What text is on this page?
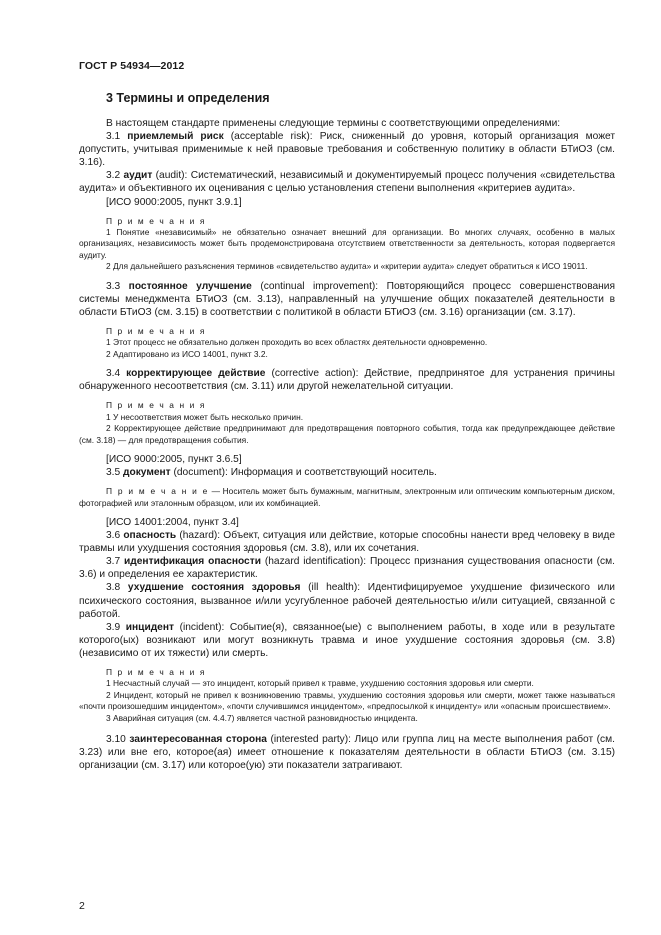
ГОСТ Р 54934—2012
3 Термины и определения

В настоящем стандарте применены следующие термины с соответствующими определениями:

3.1 приемлемый риск (acceptable risk): Риск, сниженный до уровня, который организация может допустить, учитывая применимые к ней правовые требования и собственную политику в области БТиОЗ (см. 3.16).

3.2 аудит (audit): Систематический, независимый и документируемый процесс получения «свидетельства аудита» и объективного их оценивания с целью установления степени выполнения «критериев аудита».

[ИСО 9000:2005, пункт 3.9.1]

П р и м е ч а н и я

1 Понятие «независимый» не обязательно означает внешний для организации. Во многих случаях, особенно в малых организациях, независимость может быть продемонстрирована отсутствием ответственности за деятельность, которая подвергается аудиту.

2 Для дальнейшего разъяснения терминов «свидетельство аудита» и «критерии аудита» следует обратиться к ИСО 19011.

3.3 постоянное улучшение (continual improvement): Повторяющийся процесс совершенствования системы менеджмента БТиОЗ (см. 3.13), направленный на улучшение общих показателей деятельности в области БТиОЗ (см. 3.15) в соответствии с политикой в области БТиОЗ (см. 3.16) организации (см. 3.17).

П р и м е ч а н и я

1 Этот процесс не обязательно должен проходить во всех областях деятельности одновременно.

2 Адаптировано из ИСО 14001, пункт 3.2.

3.4 корректирующее действие (corrective action): Действие, предпринятое для устранения причины обнаруженного несоответствия (см. 3.11) или другой нежелательной ситуации.

П р и м е ч а н и я

1 У несоответствия может быть несколько причин.

2 Корректирующее действие предпринимают для предотвращения повторного события, тогда как предупреждающее действие (см. 3.18) — для предотвращения события.

[ИСО 9000:2005, пункт 3.6.5]

3.5 документ (document): Информация и соответствующий носитель.

П р и м е ч а н и е — Носитель может быть бумажным, магнитным, электронным или оптическим компьютерным диском, фотографией или эталонным образцом, или их комбинацией.

[ИСО 14001:2004, пункт 3.4]

3.6 опасность (hazard): Объект, ситуация или действие, которые способны нанести вред человеку в виде травмы или ухудшения состояния здоровья (см. 3.8), или их сочетания.

3.7 идентификация опасности (hazard identification): Процесс признания существования опасности (см. 3.6) и определения ее характеристик.

3.8 ухудшение состояния здоровья (ill health): Идентифицируемое ухудшение физического или психического состояния, вызванное и/или усугубленное рабочей деятельностью и/или ситуацией, связанной с работой.

3.9 инцидент (incident): Событие(я), связанное(ые) с выполнением работы, в ходе или в результате которого(ых) возникают или могут возникнуть травма и иное ухудшение состояния здоровья (см. 3.8) (независимо от их тяжести) или смерть.

П р и м е ч а н и я

1 Несчастный случай — это инцидент, который привел к травме, ухудшению состояния здоровья или смерти.

2 Инцидент, который не привел к возникновению травмы, ухудшению состояния здоровья или смерти, может также называться «почти произошедшим инцидентом», «почти случившимся инцидентом», «предпосылкой к инциденту» или «опасным происшествием».

3 Аварийная ситуация (см. 4.4.7) является частной разновидностью инцидента.

3.10 заинтересованная сторона (interested party): Лицо или группа лиц на месте выполнения работ (см. 3.23) или вне его, которое(ая) имеет отношение к показателям деятельности в области БТиОЗ (см. 3.15) организации (см. 3.17) или которое(ую) эти показатели затрагивают.

2
